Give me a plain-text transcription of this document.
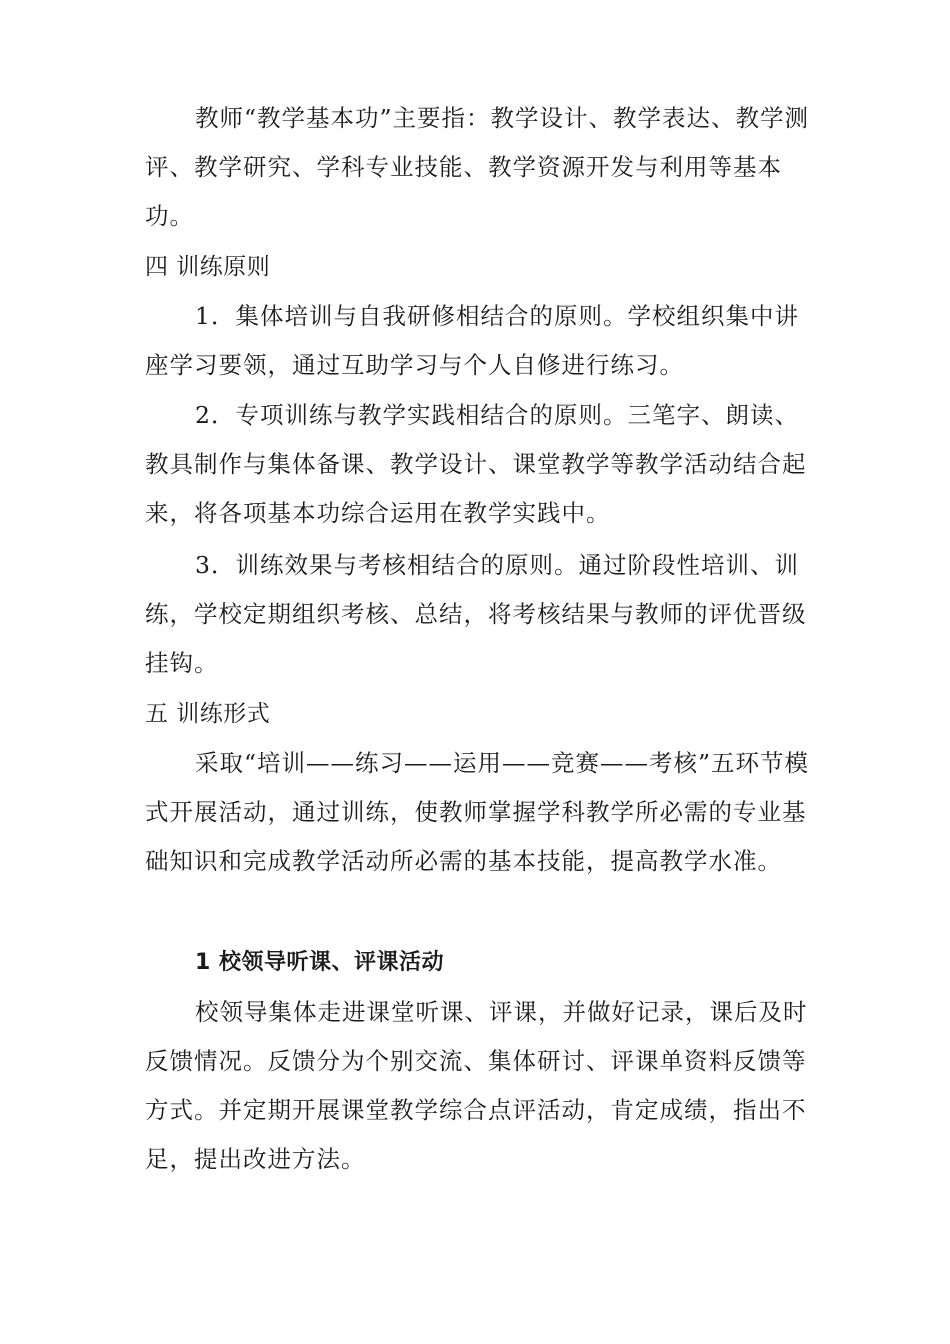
教师“教学基本功”主要指：教学设计、教学表达、教学测评、教学研究、学科专业技能、教学资源开发与利用等基本功。

四 训练原则

1．集体培训与自我研修相结合的原则。学校组织集中讲座学习要领，通过互助学习与个人自修进行练习。

2．专项训练与教学实践相结合的原则。三笔字、朗读、教具制作与集体备课、教学设计、课堂教学等教学活动结合起来，将各项基本功综合运用在教学实践中。

3．训练效果与考核相结合的原则。通过阶段性培训、训练，学校定期组织考核、总结，将考核结果与教师的评优晋级挂钩。

五 训练形式

采取“培训——练习——运用——竞赛——考核”五环节模式开展活动，通过训练，使教师掌握学科教学所必需的专业基础知识和完成教学活动所必需的基本技能，提高教学水准。

1 校领导听课、评课活动

校领导集体走进课堂听课、评课，并做好记录，课后及时反馈情况。反馈分为个别交流、集体研讨、评课单资料反馈等方式。并定期开展课堂教学综合点评活动，肯定成绩，指出不足，提出改进方法。
